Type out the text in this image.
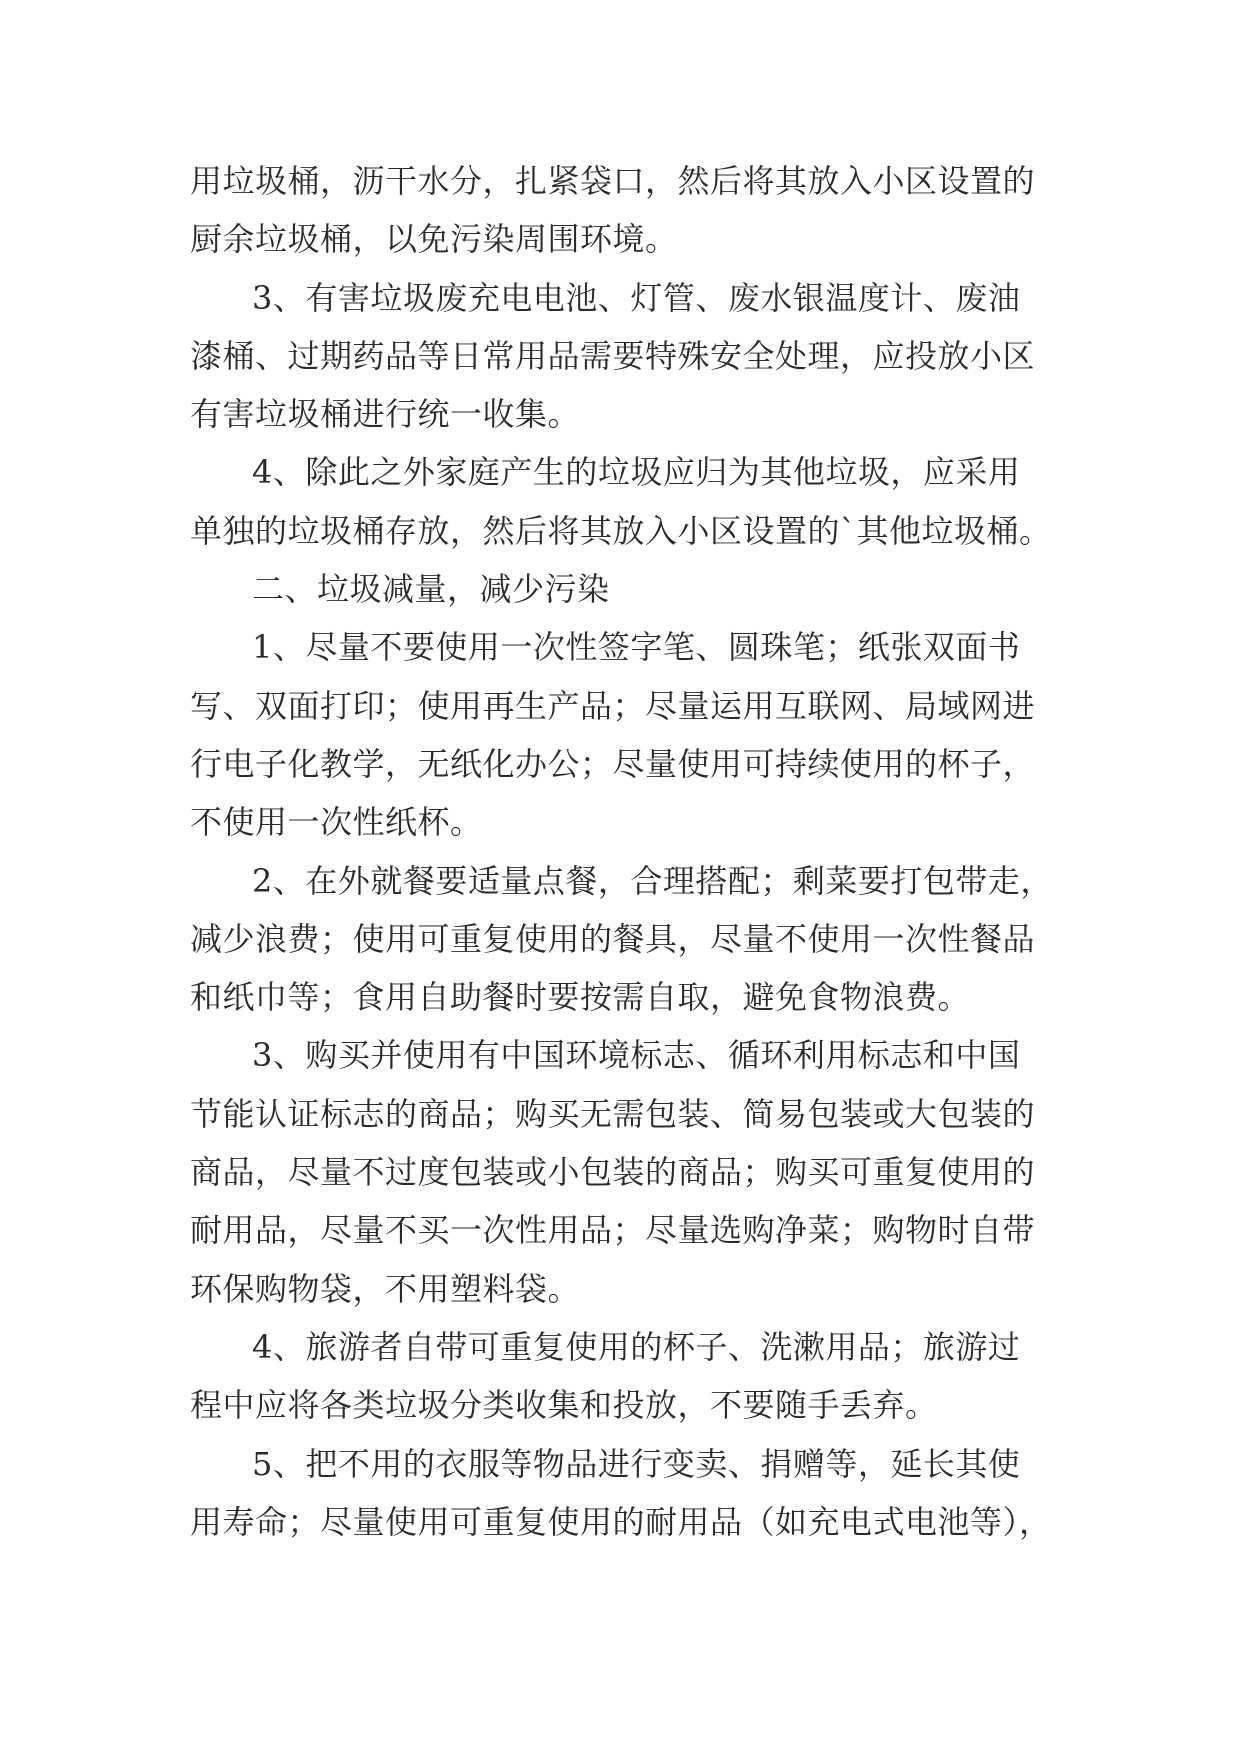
用垃圾桶，沥干水分，扎紧袋口，然后将其放入小区设置的
厨余垃圾桶，以免污染周围环境。
3、有害垃圾废充电电池、灯管、废水银温度计、废油
漆桶、过期药品等日常用品需要特殊安全处理，应投放小区
有害垃圾桶进行统一收集。
4、除此之外家庭产生的垃圾应归为其他垃圾，应采用
单独的垃圾桶存放，然后将其放入小区设置的`其他垃圾桶。
二、垃圾减量，减少污染
1、尽量不要使用一次性签字笔、圆珠笔；纸张双面书
写、双面打印；使用再生产品；尽量运用互联网、局域网进
行电子化教学，无纸化办公；尽量使用可持续使用的杯子，
不使用一次性纸杯。
2、在外就餐要适量点餐，合理搭配；剩菜要打包带走，
减少浪费；使用可重复使用的餐具，尽量不使用一次性餐品
和纸巾等；食用自助餐时要按需自取，避免食物浪费。
3、购买并使用有中国环境标志、循环利用标志和中国
节能认证标志的商品；购买无需包装、简易包装或大包装的
商品，尽量不过度包装或小包装的商品；购买可重复使用的
耐用品，尽量不买一次性用品；尽量选购净菜；购物时自带
环保购物袋，不用塑料袋。
4、旅游者自带可重复使用的杯子、洗漱用品；旅游过
程中应将各类垃圾分类收集和投放，不要随手丢弃。
5、把不用的衣服等物品进行变卖、捐赠等，延长其使
用寿命；尽量使用可重复使用的耐用品（如充电式电池等），
